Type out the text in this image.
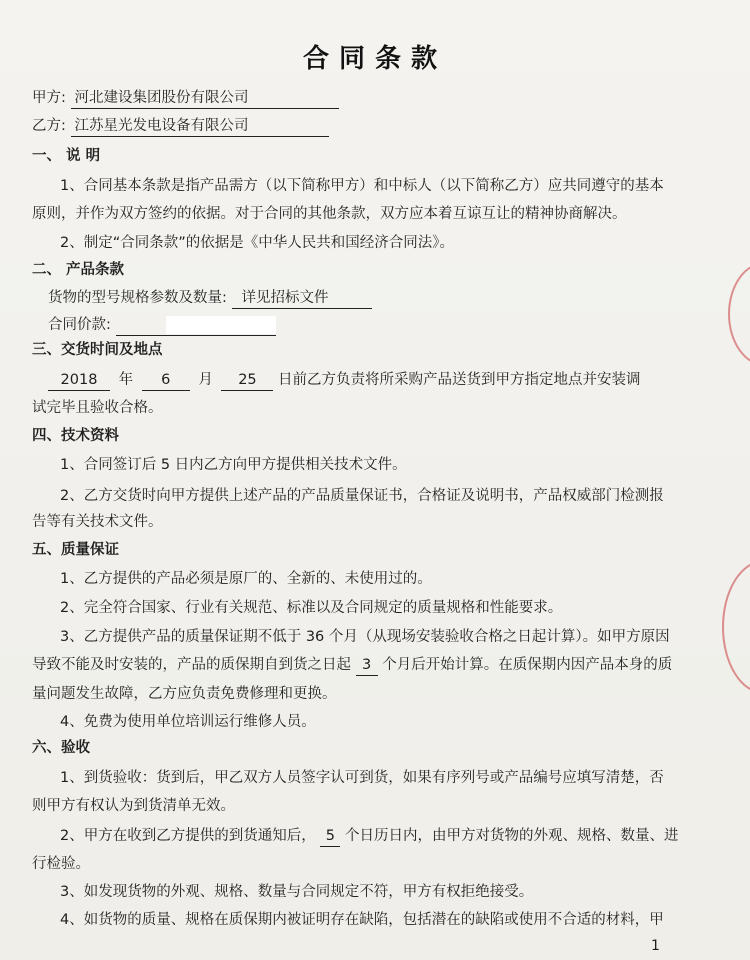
合同条款
甲方: 河北建设集团股份有限公司
乙方: 江苏星光发电设备有限公司
一、 说 明
1、合同基本条款是指产品需方（以下简称甲方）和中标人（以下简称乙方）应共同遵守的基本
原则，并作为双方签约的依据。对于合同的其他条款，双方应本着互谅互让的精神协商解决。
2、制定“合同条款”的依据是《中华人民共和国经济合同法》。
二、 产品条款
货物的型号规格参数及数量: 详见招标文件
合同价款:
三、交货时间及地点
2018 年 6 月 25 日前乙方负责将所采购产品送货到甲方指定地点并安装调
试完毕且验收合格。
四、技术资料
1、合同签订后 5 日内乙方向甲方提供相关技术文件。
2、乙方交货时向甲方提供上述产品的产品质量保证书，合格证及说明书，产品权威部门检测报
告等有关技术文件。
五、质量保证
1、乙方提供的产品必须是原厂的、全新的、未使用过的。
2、完全符合国家、行业有关规范、标准以及合同规定的质量规格和性能要求。
3、乙方提供产品的质量保证期不低于 36 个月（从现场安装验收合格之日起计算）。如甲方原因
导致不能及时安装的，产品的质保期自到货之日起 3 个月后开始计算。在质保期内因产品本身的质
量问题发生故障，乙方应负责免费修理和更换。
4、免费为使用单位培训运行维修人员。
六、验收
1、到货验收：货到后，甲乙双方人员签字认可到货，如果有序列号或产品编号应填写清楚，否
则甲方有权认为到货清单无效。
2、甲方在收到乙方提供的到货通知后， 5 个日历日内，由甲方对货物的外观、规格、数量、进
行检验。
3、如发现货物的外观、规格、数量与合同规定不符，甲方有权拒绝接受。
4、如货物的质量、规格在质保期内被证明存在缺陷，包括潜在的缺陷或使用不合适的材料，甲
1
